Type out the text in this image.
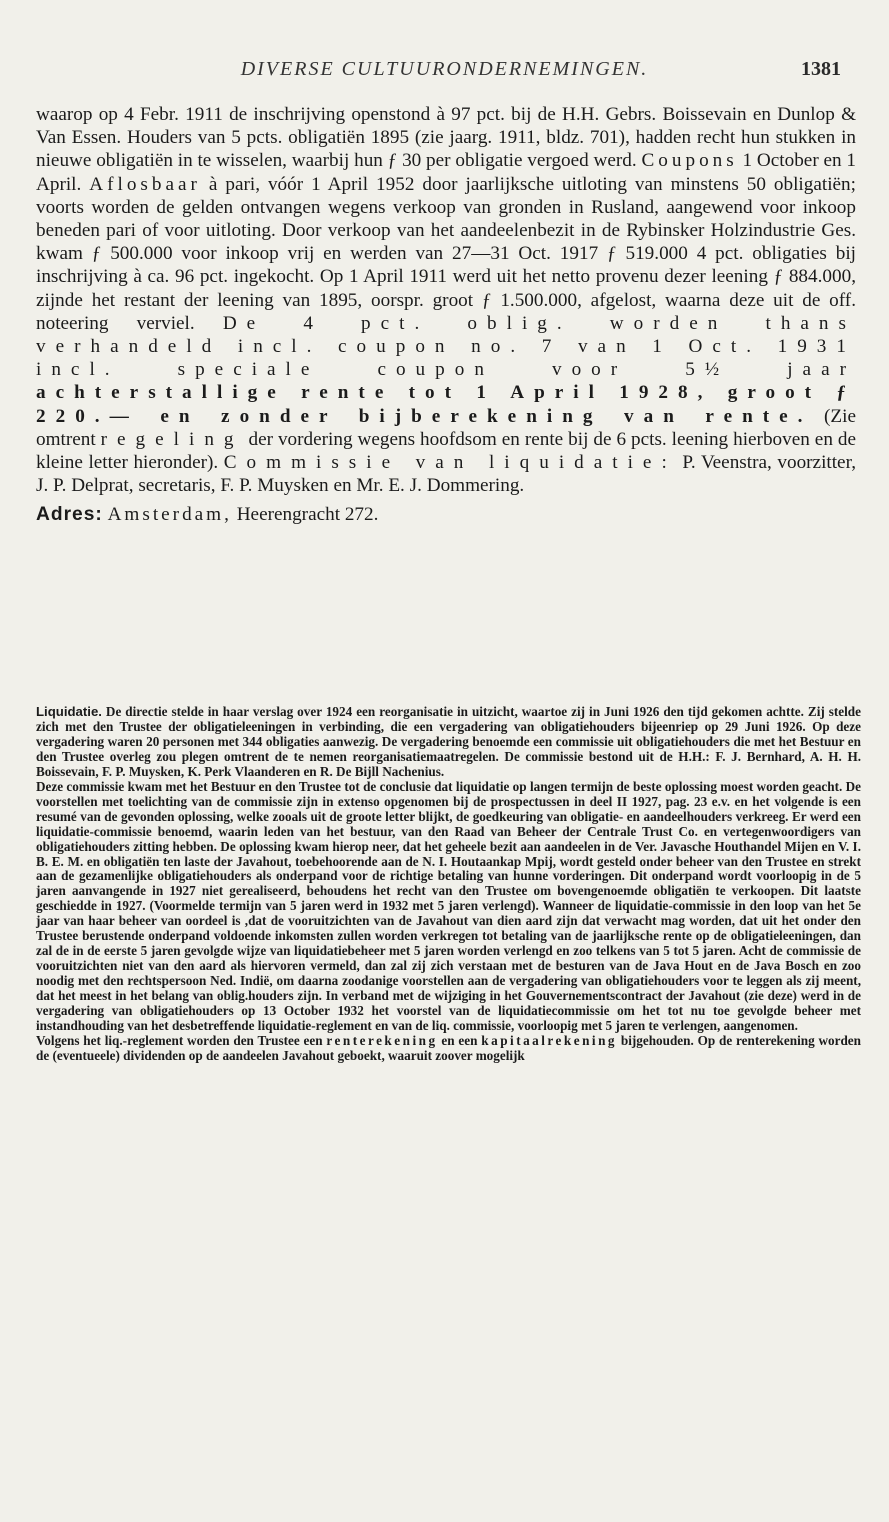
DIVERSE CULTUURONDERNEMINGEN.	1381

waarop op 4 Febr. 1911 de inschrijving openstond à 97 pct. bij de H.H. Gebrs. Boissevain en Dunlop & Van Essen. Houders van 5 pcts. obligatiën 1895 (zie jaarg. 1911, bldz. 701), hadden recht hun stukken in nieuwe obligatiën in te wisselen, waarbij hun ƒ 30 per obligatie vergoed werd. Coupons 1 October en 1 April. Aflosbaar à pari, vóór 1 April 1952 door jaarlijksche uitloting van minstens 50 obligatiën; voorts worden de gelden ontvangen wegens verkoop van gronden in Rusland, aangewend voor inkoop beneden pari of voor uitloting. Door verkoop van het aandeelenbezit in de Rybinsker Holzindustrie Ges. kwam ƒ 500.000 voor inkoop vrij en werden van 27—31 Oct. 1917 ƒ 519.000 4 pct. obligaties bij inschrijving à ca. 96 pct. ingekocht. Op 1 April 1911 werd uit het netto provenu dezer leening ƒ 884.000, zijnde het restant der leening van 1895, oorspr. groot ƒ 1.500.000, afgelost, waarna deze uit de off. noteering verviel. De 4 pct. oblig. worden thans verhandeld incl. coupon no. 7 van 1 Oct. 1931 incl. speciale coupon voor 5½ jaar achterstallige rente tot 1 April 1928, groot ƒ 220.— en zonder bijberekening van rente. (Zie omtrent regeling der vordering wegens hoofdsom en rente bij de 6 pcts. leening hierboven en de kleine letter hieronder). Commissie van liquidatie: P. Veenstra, voorzitter, J. P. Delprat, secretaris, F. P. Muysken en Mr. E. J. Dommering.

Adres: Amsterdam, Heerengracht 272.

Liquidatie. De directie stelde in haar verslag over 1924 een reorganisatie in uitzicht, waartoe zij in Juni 1926 den tijd gekomen achtte. Zij stelde zich met den Trustee der obligatieleeningen in verbinding, die een vergadering van obligatiehouders bijeenriep op 29 Juni 1926. Op deze vergadering waren 20 personen met 344 obligaties aanwezig. De vergadering benoemde een commissie uit obligatiehouders die met het Bestuur en den Trustee overleg zou plegen omtrent de te nemen reorganisatiemaatregelen. De commissie bestond uit de H.H.: F. J. Bernhard, A. H. H. Boissevain, F. P. Muysken, K. Perk Vlaanderen en R. De Bijll Nachenius.

Deze commissie kwam met het Bestuur en den Trustee tot de conclusie dat liquidatie op langen termijn de beste oplossing moest worden geacht. De voorstellen met toelichting van de commissie zijn in extenso opgenomen bij de prospectussen in deel II 1927, pag. 23 e.v. en het volgende is een resumé van de gevonden oplossing, welke zooals uit de groote letter blijkt, de goedkeuring van obligatie- en aandeelhouders verkreeg. Er werd een liquidatie-commissie benoemd, waarin leden van het bestuur, van den Raad van Beheer der Centrale Trust Co. en vertegenwoordigers van obligatiehouders zitting hebben. De oplossing kwam hierop neer, dat het geheele bezit aan aandeelen in de Ver. Javasche Houthandel Mijen en V. I. B. E. M. en obligatiën ten laste der Javahout, toebehoorende aan de N. I. Houtaankap Mpij, wordt gesteld onder beheer van den Trustee en strekt aan de gezamenlijke obligatiehouders als onderpand voor de richtige betaling van hunne vorderingen. Dit onderpand wordt voorloopig in de 5 jaren aanvangende in 1927 niet gerealiseerd, behoudens het recht van den Trustee om bovengenoemde obligatiën te verkoopen. Dit laatste geschiedde in 1927. (Voormelde termijn van 5 jaren werd in 1932 met 5 jaren verlengd). Wanneer de liquidatie-commissie in den loop van het 5e jaar van haar beheer van oordeel is ,dat de vooruitzichten van de Javahout van dien aard zijn dat verwacht mag worden, dat uit het onder den Trustee berustende onderpand voldoende inkomsten zullen worden verkregen tot betaling van de jaarlijksche rente op de obligatieleeningen, dan zal de in de eerste 5 jaren gevolgde wijze van liquidatiebeheer met 5 jaren worden verlengd en zoo telkens van 5 tot 5 jaren. Acht de commissie de vooruitzichten niet van den aard als hiervoren vermeld, dan zal zij zich verstaan met de besturen van de Java Hout en de Java Bosch en zoo noodig met den rechtspersoon Ned. Indië, om daarna zoodanige voorstellen aan de vergadering van obligatiehouders voor te leggen als zij meent, dat het meest in het belang van oblig.houders zijn. In verband met de wijziging in het Gouvernementscontract der Javahout (zie deze) werd in de vergadering van obligatiehouders op 13 October 1932 het voorstel van de liquidatiecommissie om het tot nu toe gevolgde beheer met instandhouding van het desbetreffende liquidatie-reglement en van de liq. commissie, voorloopig met 5 jaren te verlengen, aangenomen.

Volgens het liq.-reglement worden den Trustee een renterekening en een kapitaalrekening bijgehouden. Op de renterekening worden de (eventueele) dividenden op de aandeelen Javahout geboekt, waaruit zoover mogelijk
